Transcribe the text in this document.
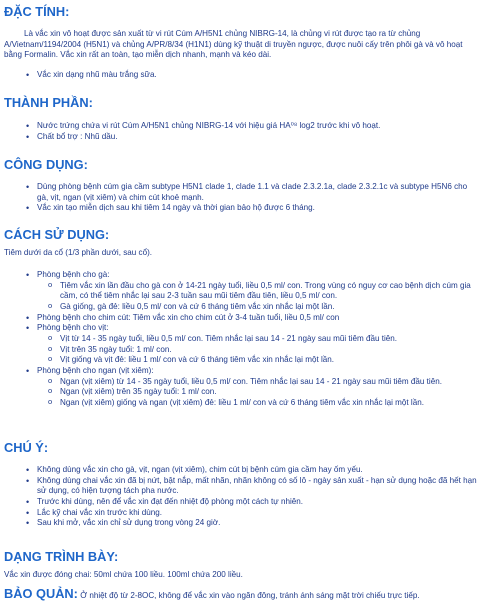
ĐẶC TÍNH:
Là vắc xin vô hoạt được sản xuất từ vi rút Cúm A/H5N1 chủng NIBRG-14, là chủng vi rút được tạo ra từ chủng A/Vietnam/1194/2004 (H5N1) và chủng A/PR/8/34 (H1N1) dùng kỹ thuật di truyền ngược, được nuôi cấy trên phôi gà và vô hoạt bằng Formalin. Vắc xin rất an toàn, tạo miễn dịch nhanh, mạnh và kéo dài.
• Vắc xin dạng nhũ màu trắng sữa.
THÀNH PHẦN:
• Nước trứng chứa vi rút Cúm A/H5N1 chủng NIBRG-14 với hiệu giá HA⁰⁸ log2 trước khi vô hoạt.
• Chất bổ trợ : Nhũ dầu.
CÔNG DỤNG:
• Dùng phòng bệnh cúm gia cầm subtype H5N1 clade 1, clade 1.1 và clade 2.3.2.1a, clade 2.3.2.1c và subtype H5N6 cho gà, vịt, ngan (vịt xiêm) và chim cút khoẻ mạnh.
• Vắc xin tạo miễn dịch sau khi tiêm 14 ngày và thời gian bảo hộ được 6 tháng.
CÁCH SỬ DỤNG:
Tiêm dưới da cổ (1/3 phần dưới, sau cổ).
• Phòng bệnh cho gà:
o Tiêm vắc xin lần đầu cho gà con ở 14-21 ngày tuổi, liều 0,5 ml/ con. Trong vùng có nguy cơ cao bệnh dịch cúm gia cầm, có thể tiêm nhắc lại sau 2-3 tuần sau mũi tiêm đầu tiên, liều 0,5 ml/ con.
o Gà giống, gà đẻ: liều 0,5 ml/ con và cứ 6 tháng tiêm vắc xin nhắc lại một lần.
• Phòng bệnh cho chim cút: Tiêm vắc xin cho chim cút ở 3-4 tuần tuổi, liều 0,5 ml/ con
• Phòng bệnh cho vịt:
o Vịt từ 14 - 35 ngày tuổi, liều 0,5 ml/ con. Tiêm nhắc lại sau 14 - 21 ngày sau mũi tiêm đầu tiên.
o Vịt trên 35 ngày tuổi: 1 ml/ con.
o Vịt giống và vịt đẻ: liều 1 ml/ con và cứ 6 tháng tiêm vắc xin nhắc lại một lần.
• Phòng bệnh cho ngan (vịt xiêm):
o Ngan (vịt xiêm) từ 14 - 35 ngày tuổi, liều 0,5 ml/ con. Tiêm nhắc lại sau 14 - 21 ngày sau mũi tiêm đầu tiên.
o Ngan (vịt xiêm) trên 35 ngày tuổi: 1 ml/ con.
o Ngan (vịt xiêm) giống và ngan (vịt xiêm) đẻ: liều 1 ml/ con và cứ 6 tháng tiêm vắc xin nhắc lại một lần.
CHÚ Ý:
• Không dùng vắc xin cho gà, vịt, ngan (vịt xiêm), chim cút bị bệnh cúm gia cầm hay ốm yếu.
• Không dùng chai vắc xin đã bị nứt, bật nắp, mất nhãn, nhãn không có số lô - ngày sản xuất - hạn sử dụng hoặc đã hết hạn sử dụng, có hiện tượng tách pha nước.
• Trước khi dùng, nên để vắc xin đạt đến nhiệt độ phòng một cách tự nhiên.
• Lắc kỹ chai vắc xin trước khi dùng.
• Sau khi mở, vắc xin chỉ sử dụng trong vòng 24 giờ.
DẠNG TRÌNH BÀY:
Vắc xin được đóng chai: 50ml chứa 100 liều. 100ml chứa 200 liều.
BẢO QUẢN: Ở nhiệt độ từ 2-8OC, không để vắc xin vào ngăn đông, tránh ánh sáng mặt trời chiếu trực tiếp.
